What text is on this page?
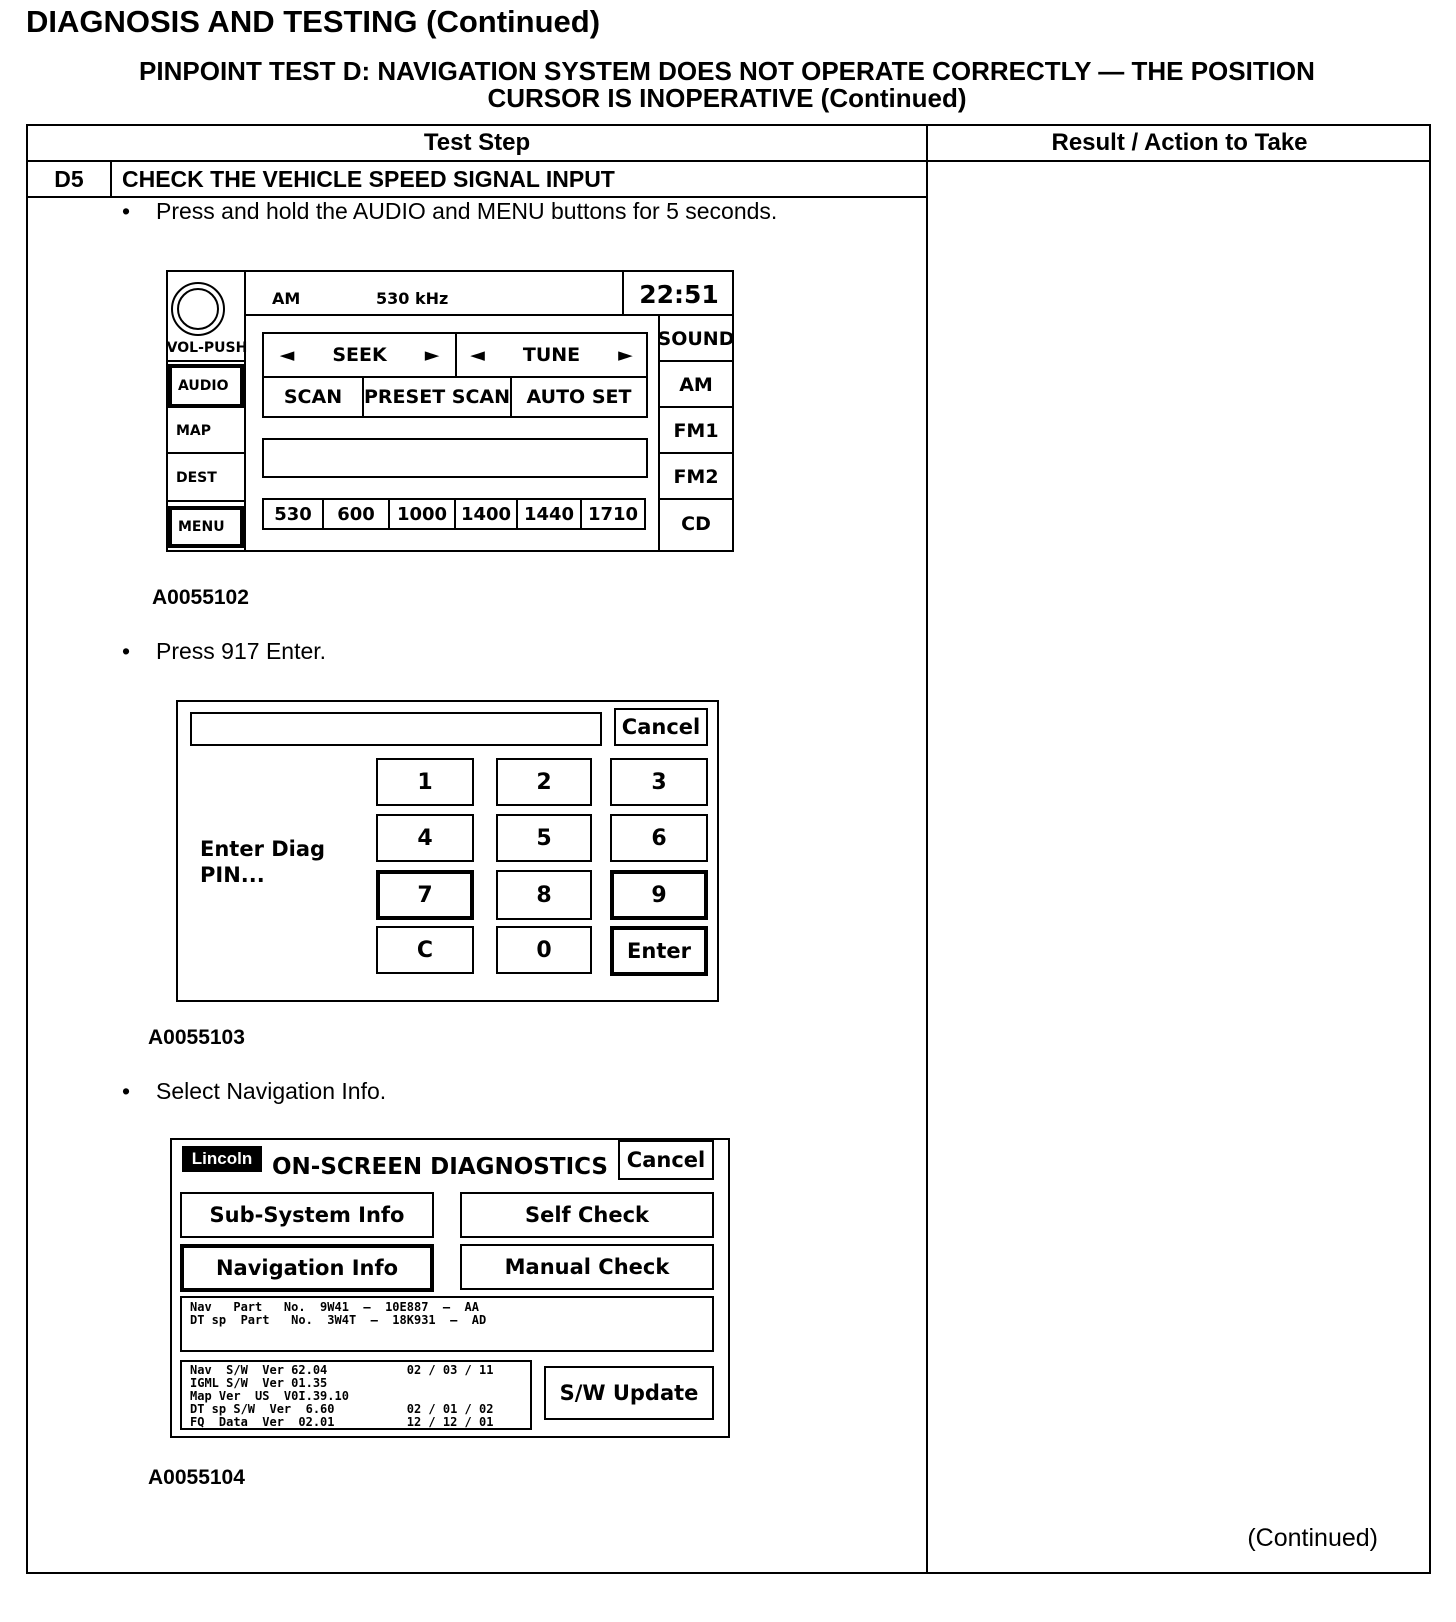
DIAGNOSIS AND TESTING (Continued)
PINPOINT TEST D: NAVIGATION SYSTEM DOES NOT OPERATE CORRECTLY — THE POSITION
CURSOR IS INOPERATIVE (Continued)
Test Step	Result / Action to Take
D5	CHECK THE VEHICLE SPEED SIGNAL INPUT
• Press and hold the AUDIO and MENU buttons for 5 seconds.
A0055102
• Press 917 Enter.
A0055103
• Select Navigation Info.
A0055104
VOL-PUSH
AUDIO
MAP
DEST
MENU
AM	530 kHz	22:51
SOUND
AM
FM1
FM2
CD
◄ SEEK ► ◄ TUNE ►
SCAN	PRESET SCAN AUTO SET
530	600	1000 1400 1440 1710
Cancel
Enter Diag
PIN...
1	2	3
4	5	6
7	8	9
C	0	Enter
Lincoln ON-SCREEN DIAGNOSTICS Cancel
Sub-System Info	Self Check
Navigation Info	Manual Check
Nav   Part   No.  9W41  –  10E887  –  AA
DT sp  Part   No.  3W4T  –  18K931  –  AD
Nav  S/W  Ver 62.04           02 / 03 / 11
IGML S/W  Ver 01.35
Map Ver  US  V0I.39.10
DT sp S/W  Ver  6.60          02 / 01 / 02
FQ  Data  Ver  02.01          12 / 12 / 01
S/W Update
(Continued)
